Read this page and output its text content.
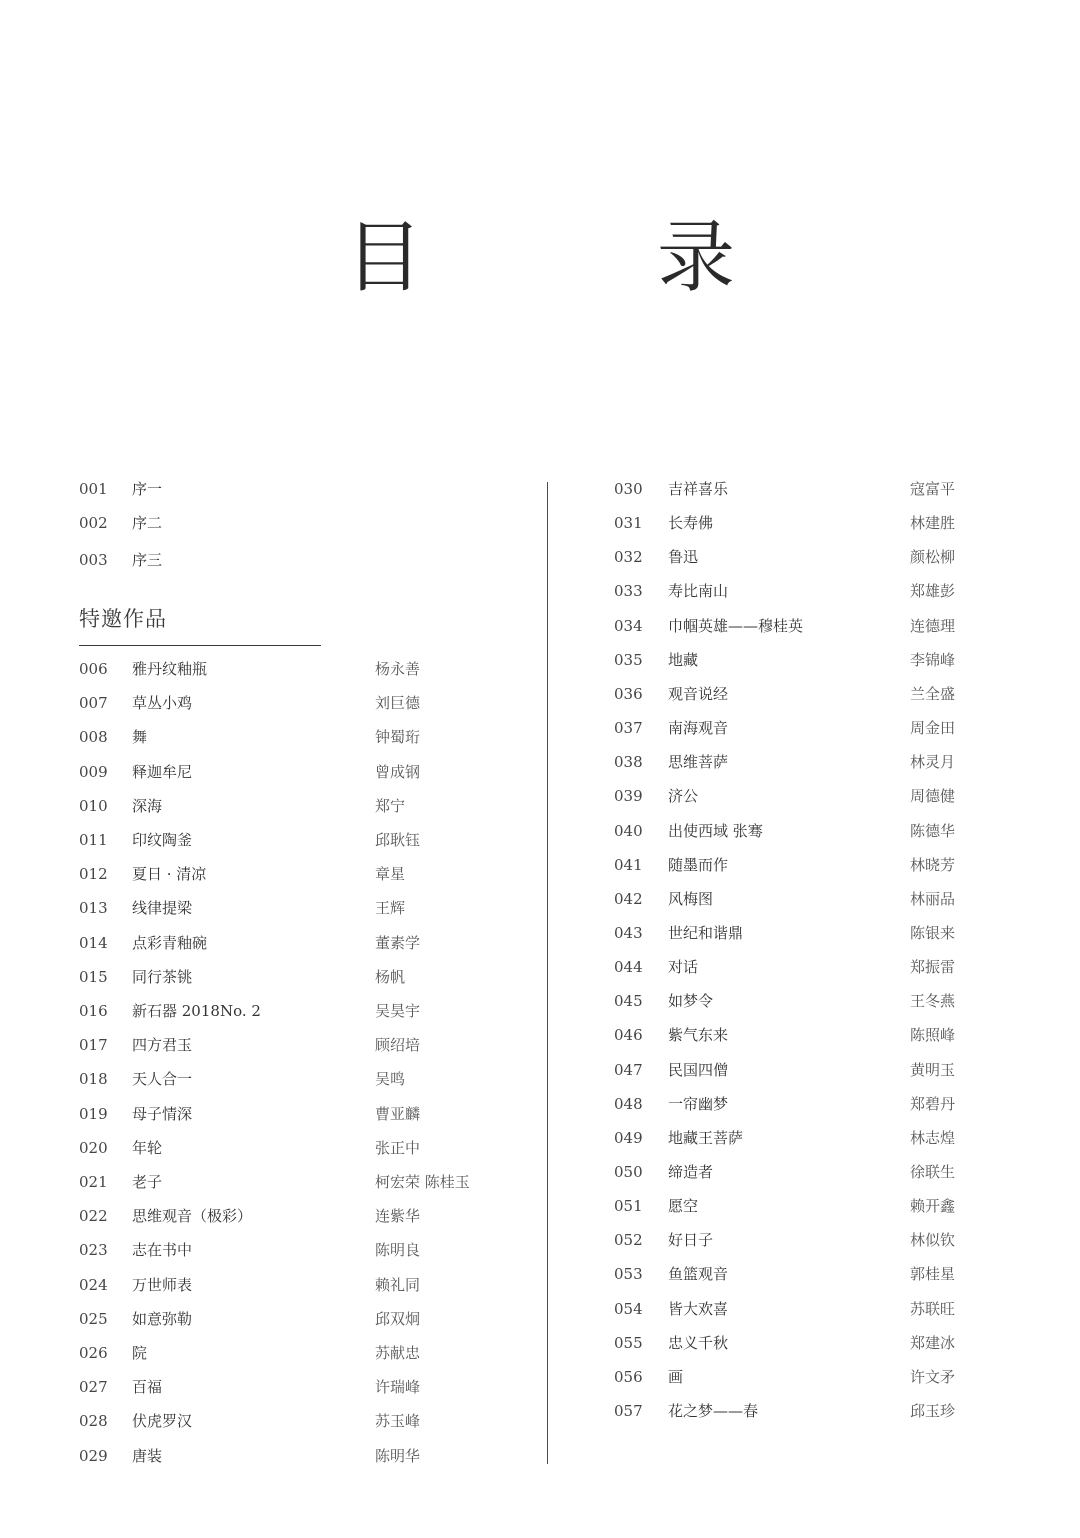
目　录
001 序一
002 序二
003 序三
特邀作品
006 雅丹纹釉瓶	杨永善
007 草丛小鸡	刘巨德
008 舞	钟蜀珩
009 释迦牟尼	曾成钢
010 深海	郑宁
011 印纹陶釜	邱耿钰
012 夏日 · 清凉	章星
013 线律提梁	王辉
014 点彩青釉碗	董素学
015 同行茶铫	杨帆
016 新石器 2018No. 2	吴昊宇
017 四方君玉	顾绍培
018 天人合一	吴鸣
019 母子情深	曹亚麟
020 年轮	张正中
021 老子	柯宏荣 陈桂玉
022 思维观音（极彩）	连紫华
023 志在书中	陈明良
024 万世师表	赖礼同
025 如意弥勒	邱双炯
026 院	苏献忠
027 百福	许瑞峰
028 伏虎罗汉	苏玉峰
029 唐装	陈明华
030 吉祥喜乐	寇富平
031 长寿佛	林建胜
032 鲁迅	颜松柳
033 寿比南山	郑雄彭
034 巾帼英雄——穆桂英	连德理
035 地藏	李锦峰
036 观音说经	兰全盛
037 南海观音	周金田
038 思维菩萨	林灵月
039 济公	周德健
040 出使西域 张骞	陈德华
041 随墨而作	林晓芳
042 风梅图	林丽品
043 世纪和谐鼎	陈银来
044 对话	郑振雷
045 如梦令	王冬燕
046 紫气东来	陈照峰
047 民国四僧	黄明玉
048 一帘幽梦	郑碧丹
049 地藏王菩萨	林志煌
050 缔造者	徐联生
051 愿空	赖开鑫
052 好日子	林似钦
053 鱼篮观音	郭桂星
054 皆大欢喜	苏联旺
055 忠义千秋	郑建冰
056 画	许文矛
057 花之梦——春	邱玉珍
